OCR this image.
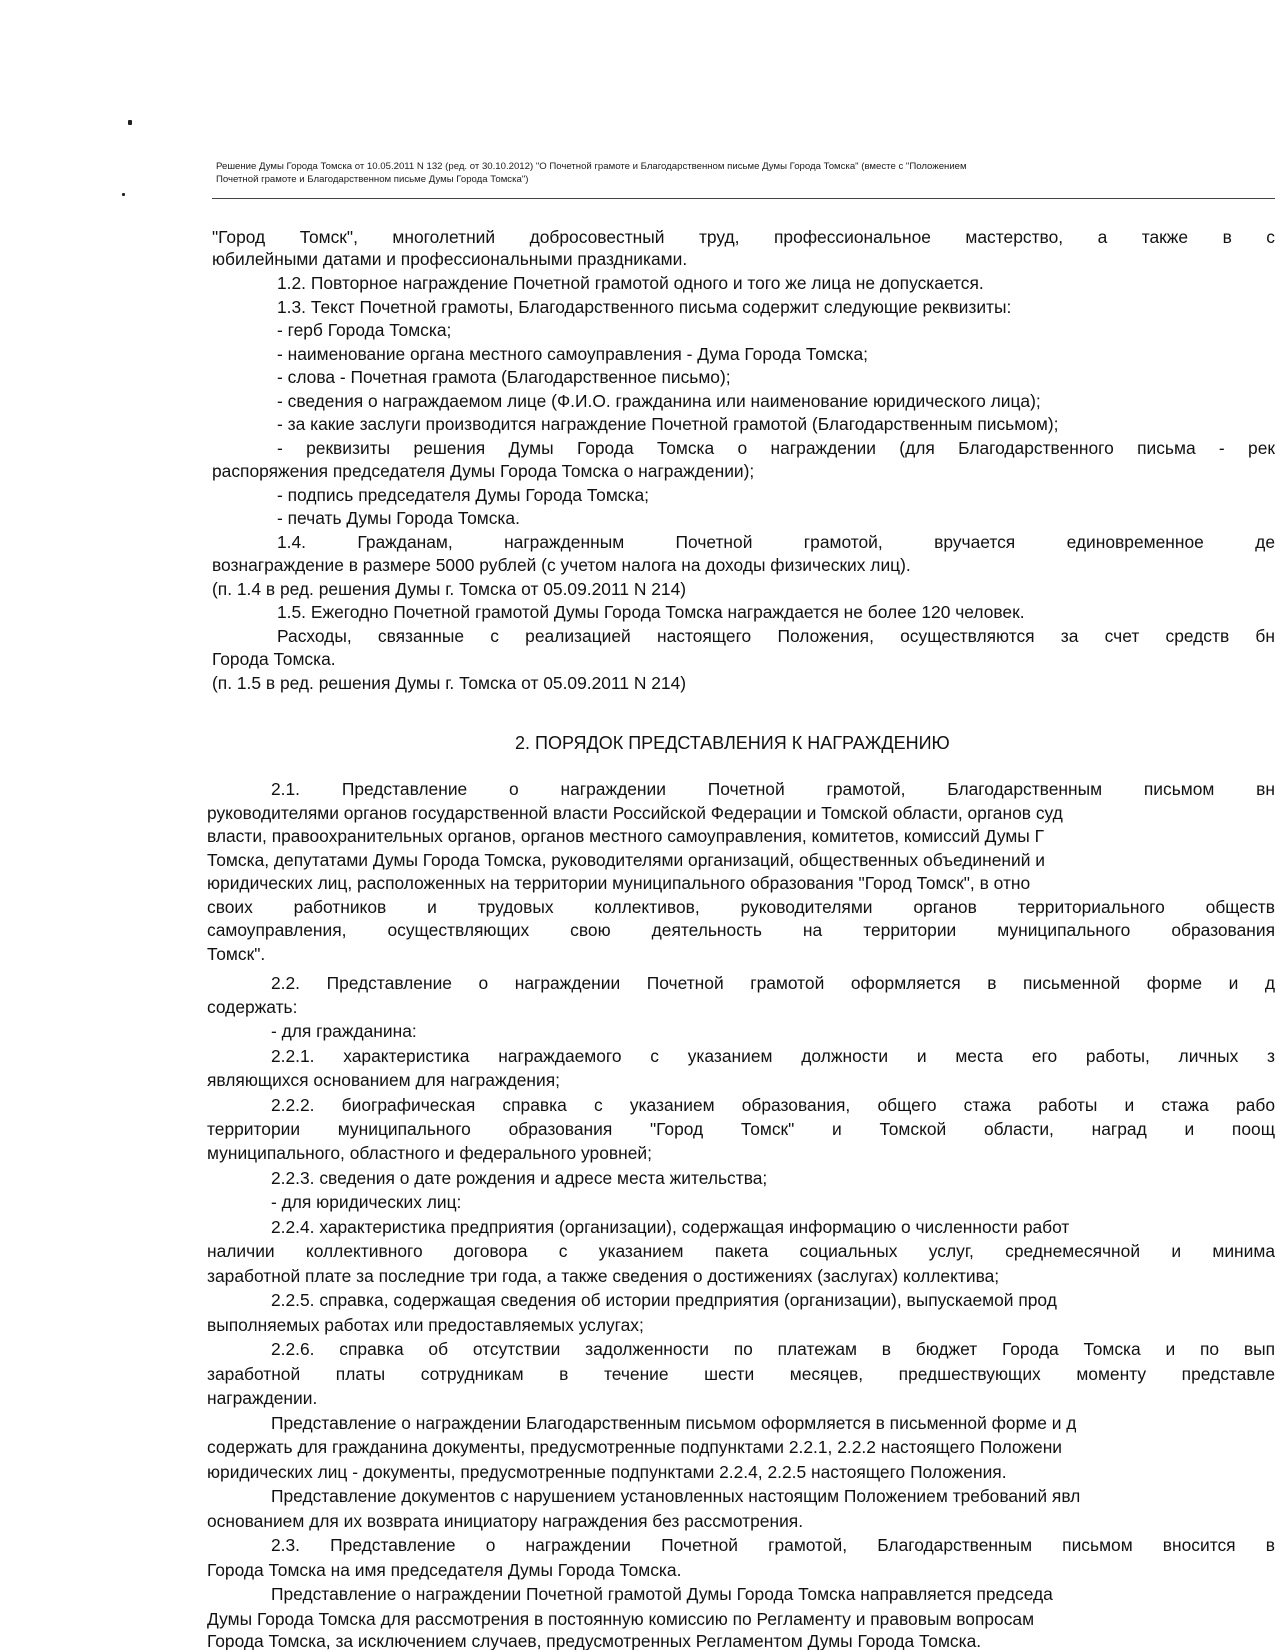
Решение Думы Города Томска от 10.05.2011 N 132 (ред. от 30.10.2012) "О Почетной грамоте и Благодарственном письме Думы Города Томска" (вместе с "Положением
Почетной грамоте и Благодарственном письме Думы Города Томска")
"Город Томск", многолетний добросовестный труд, профессиональное мастерство, а также в с
юбилейными датами и профессиональными праздниками.
1.2. Повторное награждение Почетной грамотой одного и того же лица не допускается.
1.3. Текст Почетной грамоты, Благодарственного письма содержит следующие реквизиты:
- герб Города Томска;
- наименование органа местного самоуправления - Дума Города Томска;
- слова - Почетная грамота (Благодарственное письмо);
- сведения о награждаемом лице (Ф.И.О. гражданина или наименование юридического лица);
- за какие заслуги производится награждение Почетной грамотой (Благодарственным письмом);
- реквизиты решения Думы Города Томска о награждении (для Благодарственного письма - рек
распоряжения председателя Думы Города Томска о награждении);
- подпись председателя Думы Города Томска;
- печать Думы Города Томска.
1.4. Гражданам, награжденным Почетной грамотой, вручается единовременное де
вознаграждение в размере 5000 рублей (с учетом налога на доходы физических лиц).
(п. 1.4 в ред. решения Думы г. Томска от 05.09.2011 N 214)
1.5. Ежегодно Почетной грамотой Думы Города Томска награждается не более 120 человек.
Расходы, связанные с реализацией настоящего Положения, осуществляются за счет средств бн
Города Томска.
(п. 1.5 в ред. решения Думы г. Томска от 05.09.2011 N 214)
2. ПОРЯДОК ПРЕДСТАВЛЕНИЯ К НАГРАЖДЕНИЮ
2.1. Представление о награждении Почетной грамотой, Благодарственным письмом вн
руководителями органов государственной власти Российской Федерации и Томской области, органов суд
власти, правоохранительных органов, органов местного самоуправления, комитетов, комиссий Думы Г
Томска, депутатами Думы Города Томска, руководителями организаций, общественных объединений и
юридических лиц, расположенных на территории муниципального образования "Город Томск", в отно
своих работников и трудовых коллективов, руководителями органов территориального обществ
самоуправления, осуществляющих свою деятельность на территории муниципального образования
Томск".
2.2. Представление о награждении Почетной грамотой оформляется в письменной форме и д
содержать:
- для гражданина:
2.2.1. характеристика награждаемого с указанием должности и места его работы, личных з
являющихся основанием для награждения;
2.2.2. биографическая справка с указанием образования, общего стажа работы и стажа рабо
территории муниципального образования "Город Томск" и Томской области, наград и поощ
муниципального, областного и федерального уровней;
2.2.3. сведения о дате рождения и адресе места жительства;
- для юридических лиц:
2.2.4. характеристика предприятия (организации), содержащая информацию о численности работ
наличии коллективного договора с указанием пакета социальных услуг, среднемесячной и минима
заработной плате за последние три года, а также сведения о достижениях (заслугах) коллектива;
2.2.5. справка, содержащая сведения об истории предприятия (организации), выпускаемой прод
выполняемых работах или предоставляемых услугах;
2.2.6. справка об отсутствии задолженности по платежам в бюджет Города Томска и по вып
заработной платы сотрудникам в течение шести месяцев, предшествующих моменту представле
награждении.
Представление о награждении Благодарственным письмом оформляется в письменной форме и д
содержать для гражданина документы, предусмотренные подпунктами 2.2.1, 2.2.2 настоящего Положени
юридических лиц - документы, предусмотренные подпунктами 2.2.4, 2.2.5 настоящего Положения.
Представление документов с нарушением установленных настоящим Положением требований явл
основанием для их возврата инициатору награждения без рассмотрения.
2.3. Представление о награждении Почетной грамотой, Благодарственным письмом вносится в
Города Томска на имя председателя Думы Города Томска.
Представление о награждении Почетной грамотой Думы Города Томска направляется председа
Думы Города Томска для рассмотрения в постоянную комиссию по Регламенту и правовым вопросам
Города Томска, за исключением случаев, предусмотренных Регламентом Думы Города Томска.
